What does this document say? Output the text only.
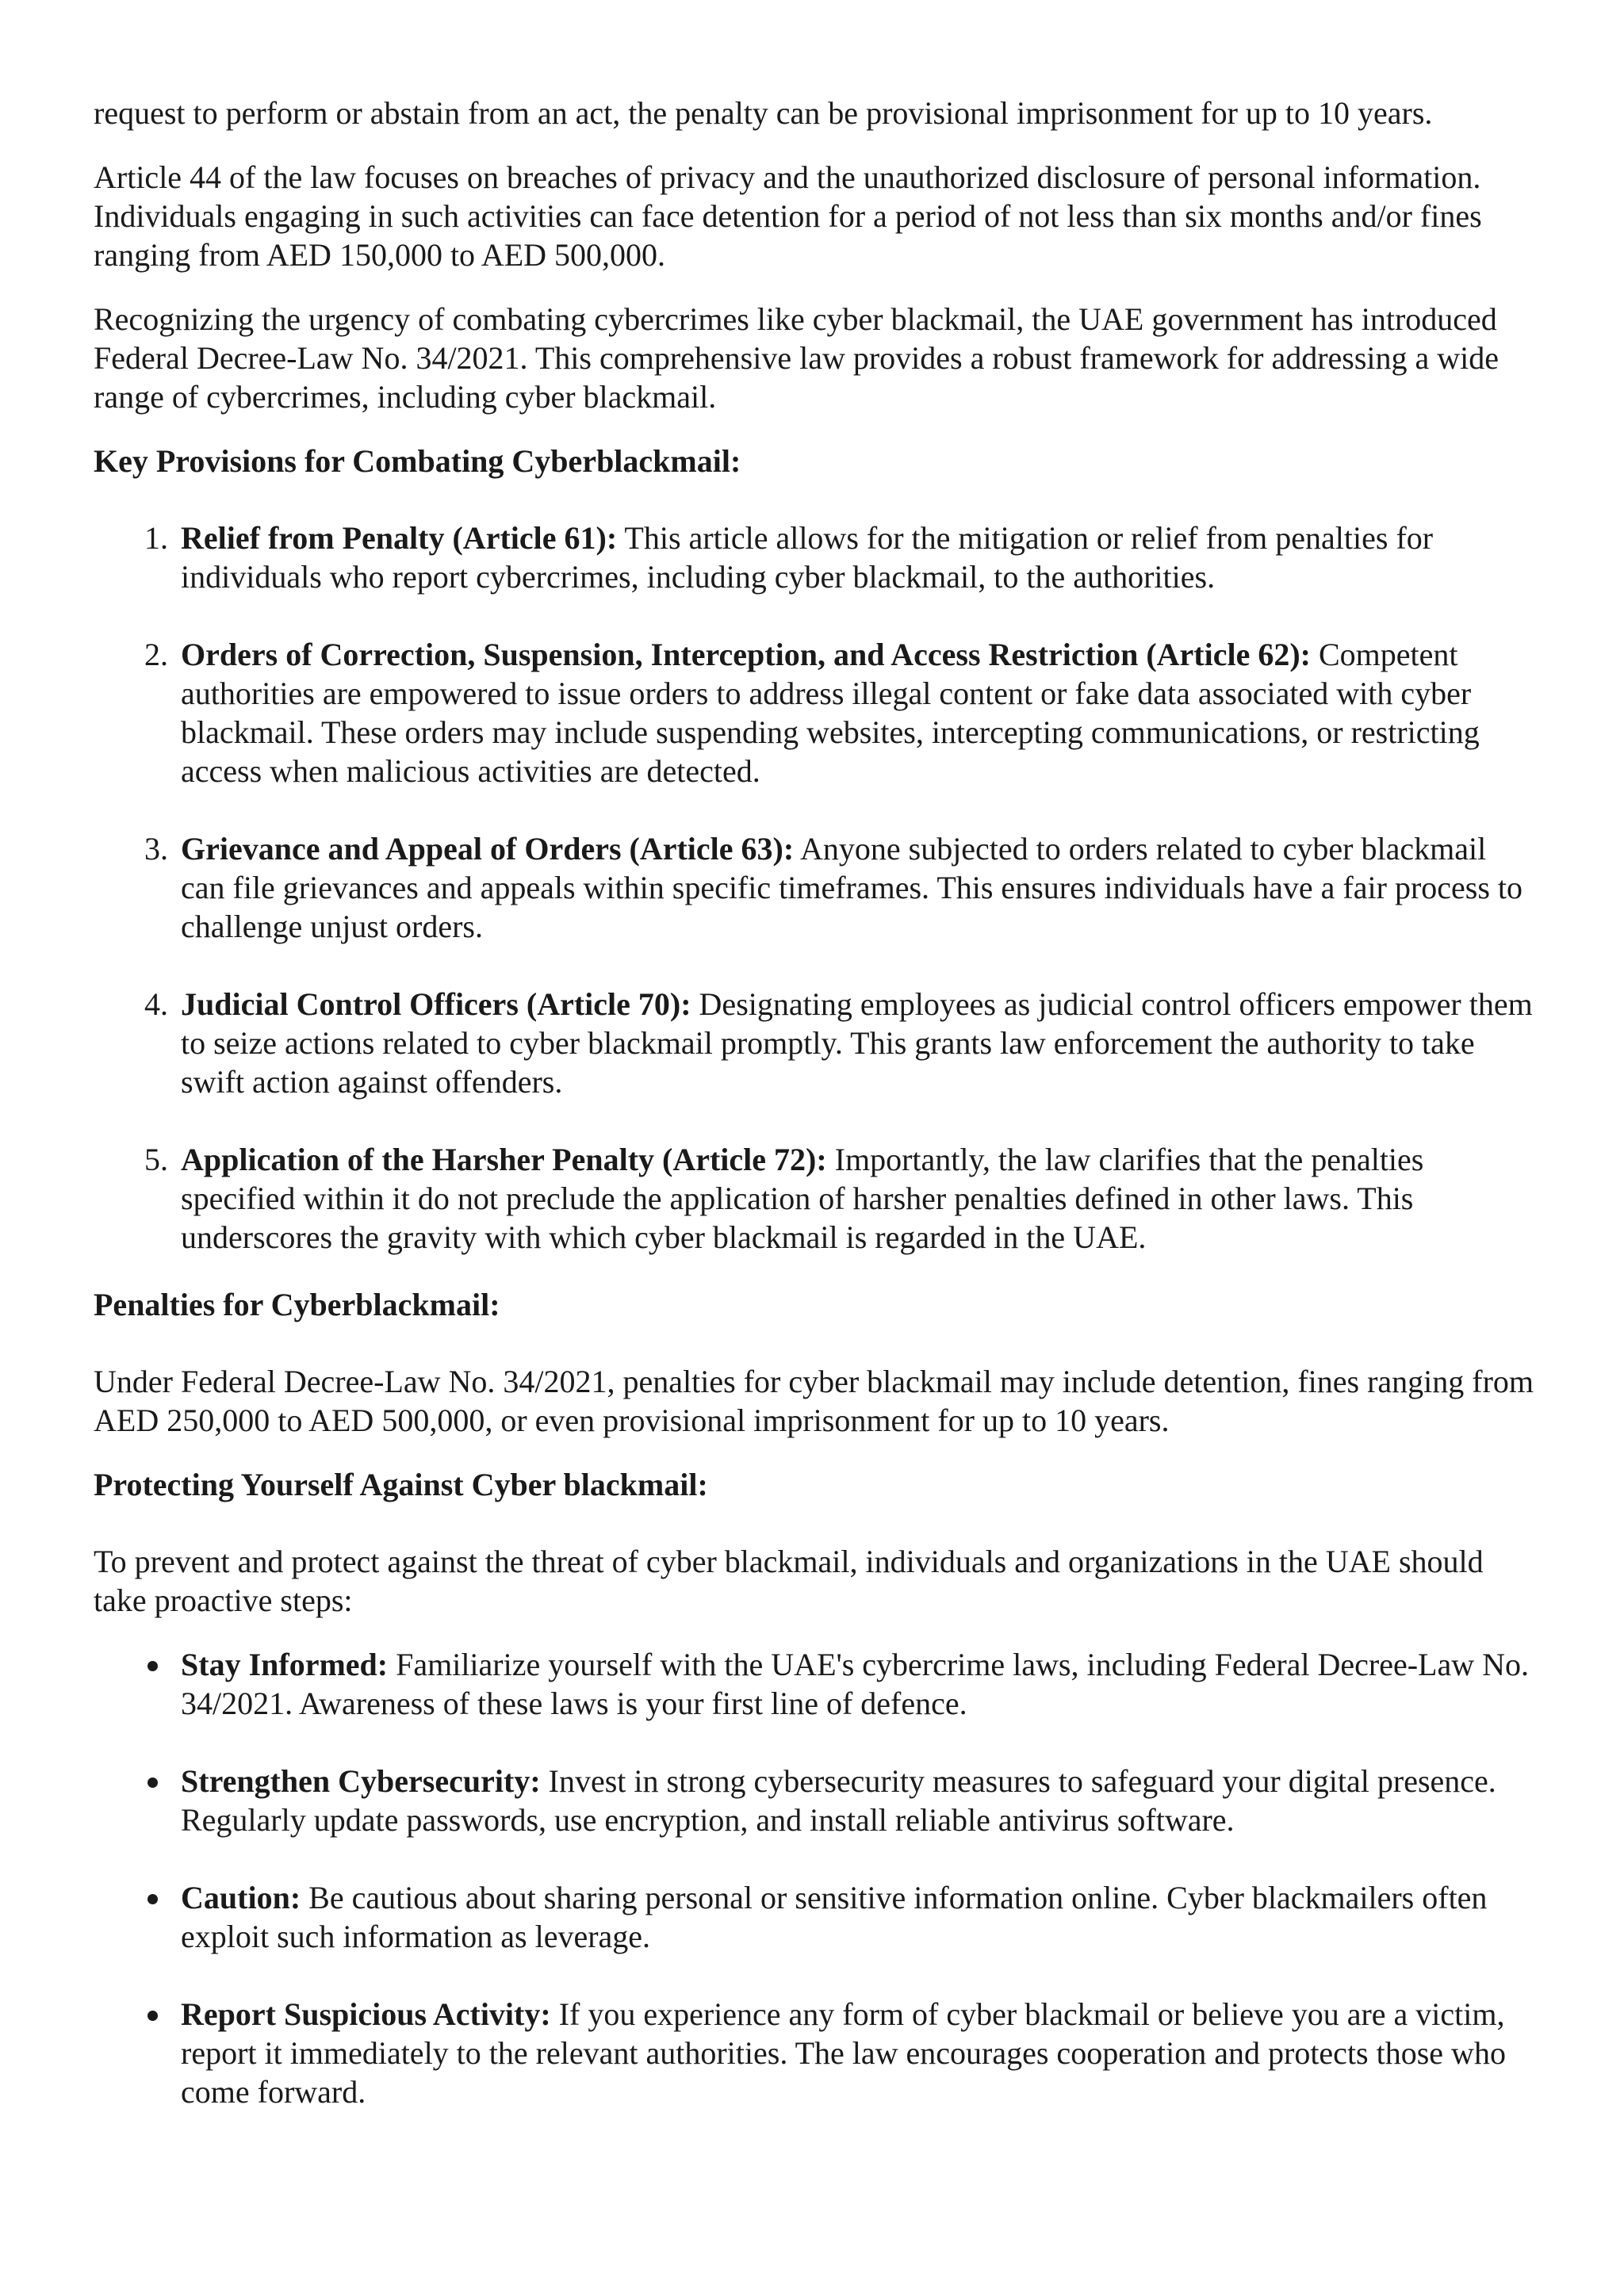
request to perform or abstain from an act, the penalty can be provisional imprisonment for up to 10 years.

Article 44 of the law focuses on breaches of privacy and the unauthorized disclosure of personal information. Individuals engaging in such activities can face detention for a period of not less than six months and/or fines ranging from AED 150,000 to AED 500,000.

Recognizing the urgency of combating cybercrimes like cyber blackmail, the UAE government has introduced Federal Decree-Law No. 34/2021. This comprehensive law provides a robust framework for addressing a wide range of cybercrimes, including cyber blackmail.

Key Provisions for Combating Cyberblackmail:
1. Relief from Penalty (Article 61): This article allows for the mitigation or relief from penalties for individuals who report cybercrimes, including cyber blackmail, to the authorities.
2. Orders of Correction, Suspension, Interception, and Access Restriction (Article 62): Competent authorities are empowered to issue orders to address illegal content or fake data associated with cyber blackmail. These orders may include suspending websites, intercepting communications, or restricting access when malicious activities are detected.
3. Grievance and Appeal of Orders (Article 63): Anyone subjected to orders related to cyber blackmail can file grievances and appeals within specific timeframes. This ensures individuals have a fair process to challenge unjust orders.
4. Judicial Control Officers (Article 70): Designating employees as judicial control officers empower them to seize actions related to cyber blackmail promptly. This grants law enforcement the authority to take swift action against offenders.
5. Application of the Harsher Penalty (Article 72): Importantly, the law clarifies that the penalties specified within it do not preclude the application of harsher penalties defined in other laws. This underscores the gravity with which cyber blackmail is regarded in the UAE.
Penalties for Cyberblackmail:

Under Federal Decree-Law No. 34/2021, penalties for cyber blackmail may include detention, fines ranging from AED 250,000 to AED 500,000, or even provisional imprisonment for up to 10 years.

Protecting Yourself Against Cyber blackmail:

To prevent and protect against the threat of cyber blackmail, individuals and organizations in the UAE should take proactive steps:

Stay Informed: Familiarize yourself with the UAE's cybercrime laws, including Federal Decree-Law No. 34/2021. Awareness of these laws is your first line of defence.
Strengthen Cybersecurity: Invest in strong cybersecurity measures to safeguard your digital presence. Regularly update passwords, use encryption, and install reliable antivirus software.
Caution: Be cautious about sharing personal or sensitive information online. Cyber blackmailers often exploit such information as leverage.
Report Suspicious Activity: If you experience any form of cyber blackmail or believe you are a victim, report it immediately to the relevant authorities. The law encourages cooperation and protects those who come forward.
